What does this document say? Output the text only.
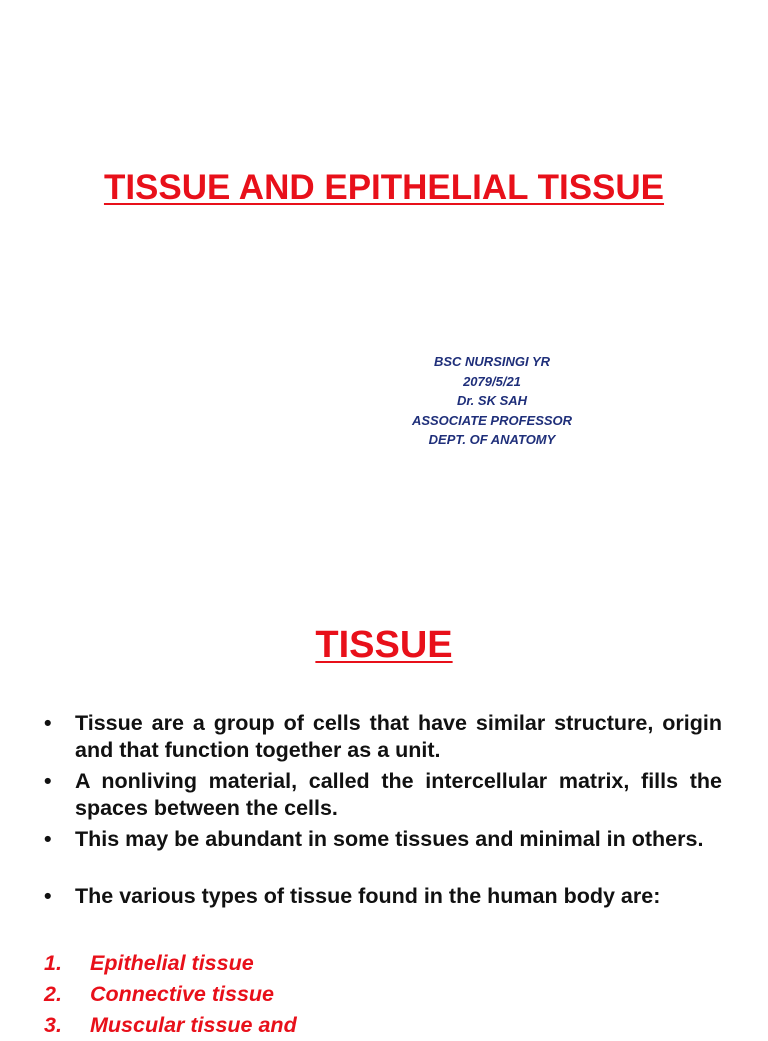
TISSUE AND EPITHELIAL TISSUE
BSC NURSINGI YR
2079/5/21
Dr. SK SAH
ASSOCIATE PROFESSOR
DEPT. OF ANATOMY
TISSUE
• Tissue are a group of cells that have similar structure, origin and that function together as a unit.
• A nonliving material, called the intercellular matrix, fills the spaces between the cells.
• This may be abundant in some tissues and minimal in others.
• The various types of tissue found in the human body are:
1. Epithelial tissue
2. Connective tissue
3. Muscular tissue and
